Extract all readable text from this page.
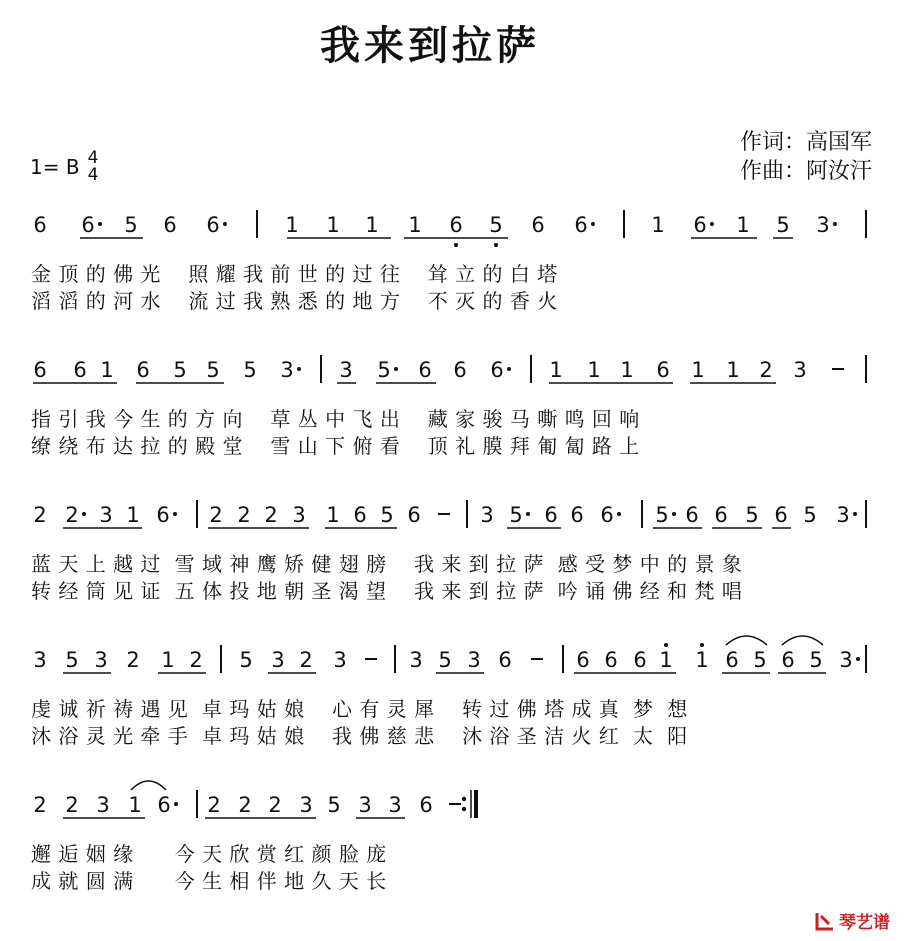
我来到拉萨
1= B 4
4
作词：高国军
作曲：阿汝汗
6 6 5 6 6	1 1 1 1 6 5 6 6	1 6 1 5 3
6 6 1 6 5 5 5 3 3 5 6 6 6 1 1 1 6 1 1 2 3
2 2 3 1 6 2 2 2 3 1 6 5 6	3 5 6 6 6 5 6 6 5 6 5 3
3 5 3 2 1 2 5 3 2 3	3 5 3 6	6 6 6 1 1 6 5 6 5 3
2 2 3 1 6 2 2 2 3 5 3 3 6
金 顶 的 佛 光    照 耀 我 前 世 的 过 往    耸 立 的 白 塔
滔 滔 的 河 水    流 过 我 熟 悉 的 地 方    不 灭 的 香 火
指 引 我 今 生 的 方 向    草 丛 中 飞 出    藏 家 骏 马 嘶 鸣 回 响
缭 绕 布 达 拉 的 殿 堂    雪 山 下 俯 看    顶 礼 膜 拜 匍 匐 路 上
蓝 天 上 越 过  雪 域 神 鹰 矫 健 翅 膀    我 来 到 拉 萨  感 受 梦 中 的 景 象
转 经 筒 见 证  五 体 投 地 朝 圣 渴 望    我 来 到 拉 萨  吟 诵 佛 经 和 梵 唱
虔 诚 祈 祷 遇 见  卓 玛 姑 娘    心 有 灵 犀    转 过 佛 塔 成 真  梦  想
沐 浴 灵 光 牵 手  卓 玛 姑 娘    我 佛 慈 悲    沐 浴 圣 洁 火 红  太  阳
邂 逅 姻 缘      今 天 欣 赏 红 颜 脸 庞
成 就 圆 满      今 生 相 伴 地 久 天 长
琴艺谱
